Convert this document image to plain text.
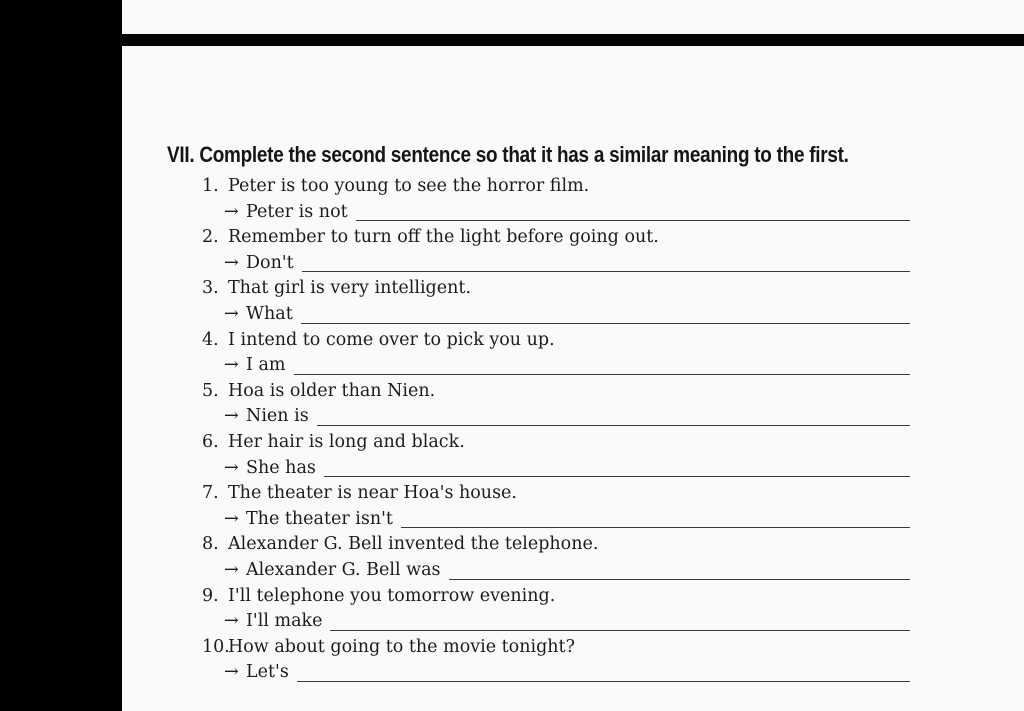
VII. Complete the second sentence so that it has a similar meaning to the first.
1. Peter is too young to see the horror film.
→ Peter is not
2. Remember to turn off the light before going out.
→ Don't
3. That girl is very intelligent.
→ What
4. I intend to come over to pick you up.
→ I am
5. Hoa is older than Nien.
→ Nien is
6. Her hair is long and black.
→ She has
7. The theater is near Hoa's house.
→ The theater isn't
8. Alexander G. Bell invented the telephone.
→ Alexander G. Bell was
9. I'll telephone you tomorrow evening.
→ I'll make
10.How about going to the movie tonight?
→ Let's
